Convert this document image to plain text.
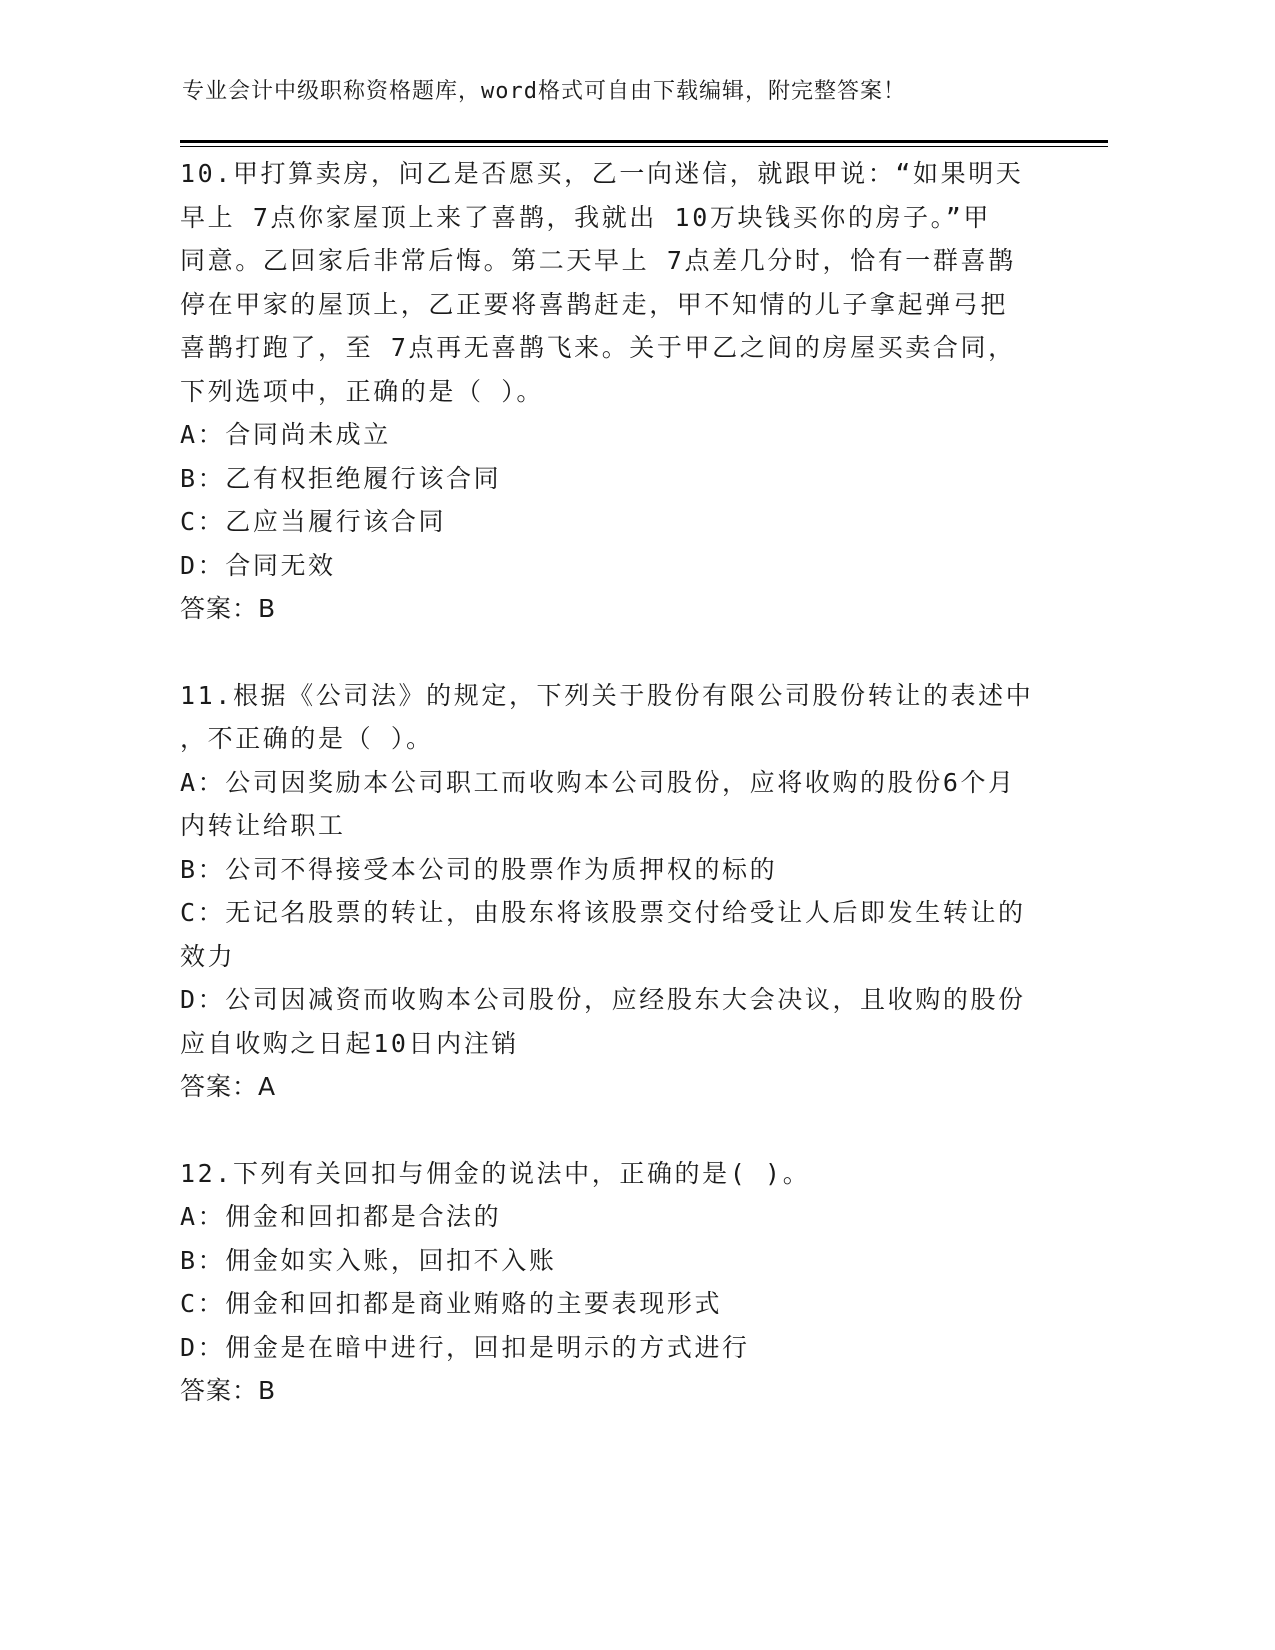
专业会计中级职称资格题库，word格式可自由下载编辑，附完整答案！
10.甲打算卖房，问乙是否愿买，乙一向迷信，就跟甲说：“如果明天
早上 7点你家屋顶上来了喜鹊，我就出 10万块钱买你的房子。”甲
同意。乙回家后非常后悔。第二天早上 7点差几分时，恰有一群喜鹊
停在甲家的屋顶上，乙正要将喜鹊赶走，甲不知情的儿子拿起弹弓把
喜鹊打跑了，至 7点再无喜鹊飞来。关于甲乙之间的房屋买卖合同，
下列选项中，正确的是（ ）。
A：合同尚未成立
B：乙有权拒绝履行该合同
C：乙应当履行该合同
D：合同无效
答案：B
11.根据《公司法》的规定，下列关于股份有限公司股份转让的表述中
，不正确的是（ ）。
A：公司因奖励本公司职工而收购本公司股份，应将收购的股份6个月
内转让给职工
B：公司不得接受本公司的股票作为质押权的标的
C：无记名股票的转让，由股东将该股票交付给受让人后即发生转让的
效力
D：公司因减资而收购本公司股份，应经股东大会决议，且收购的股份
应自收购之日起10日内注销
答案：A
12.下列有关回扣与佣金的说法中，正确的是( )。
A：佣金和回扣都是合法的
B：佣金如实入账，回扣不入账
C：佣金和回扣都是商业贿赂的主要表现形式
D：佣金是在暗中进行，回扣是明示的方式进行
答案：B
